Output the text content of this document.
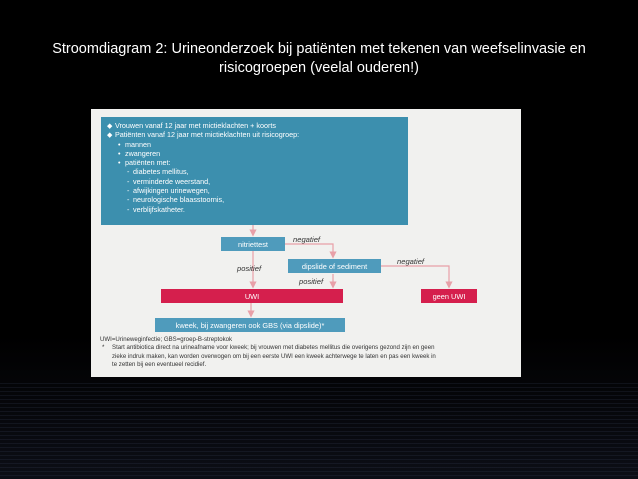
Stroomdiagram 2: Urineonderzoek bij patiënten met tekenen van weefselinvasie en
risicogroepen (veelal ouderen!)
◆ Vrouwen vanaf 12 jaar met mictieklachten + koorts
◆ Patiënten vanaf 12 jaar met mictieklachten uit risicogroep:
• mannen
• zwangeren
• patiënten met:
- diabetes mellitus,
- verminderde weerstand,
- afwijkingen urinewegen,
- neurologische blaasstoornis,
- verblijfskatheter.
nitriettest	negatief
dipslide of sediment	negatief
positief
positief
UWI	geen UWI
kweek, bij zwangeren ook GBS (via dipslide)*
UWI=Urineweginfectie; GBS=groep-B-streptokok
* Start antibiotica direct na urineafname voor kweek; bij vrouwen met diabetes mellitus die overigens gezond zijn en geen
zieke indruk maken, kan worden overwogen om bij een eerste UWI een kweek achterwege te laten en pas een kweek in
te zetten bij een eventueel recidief.
